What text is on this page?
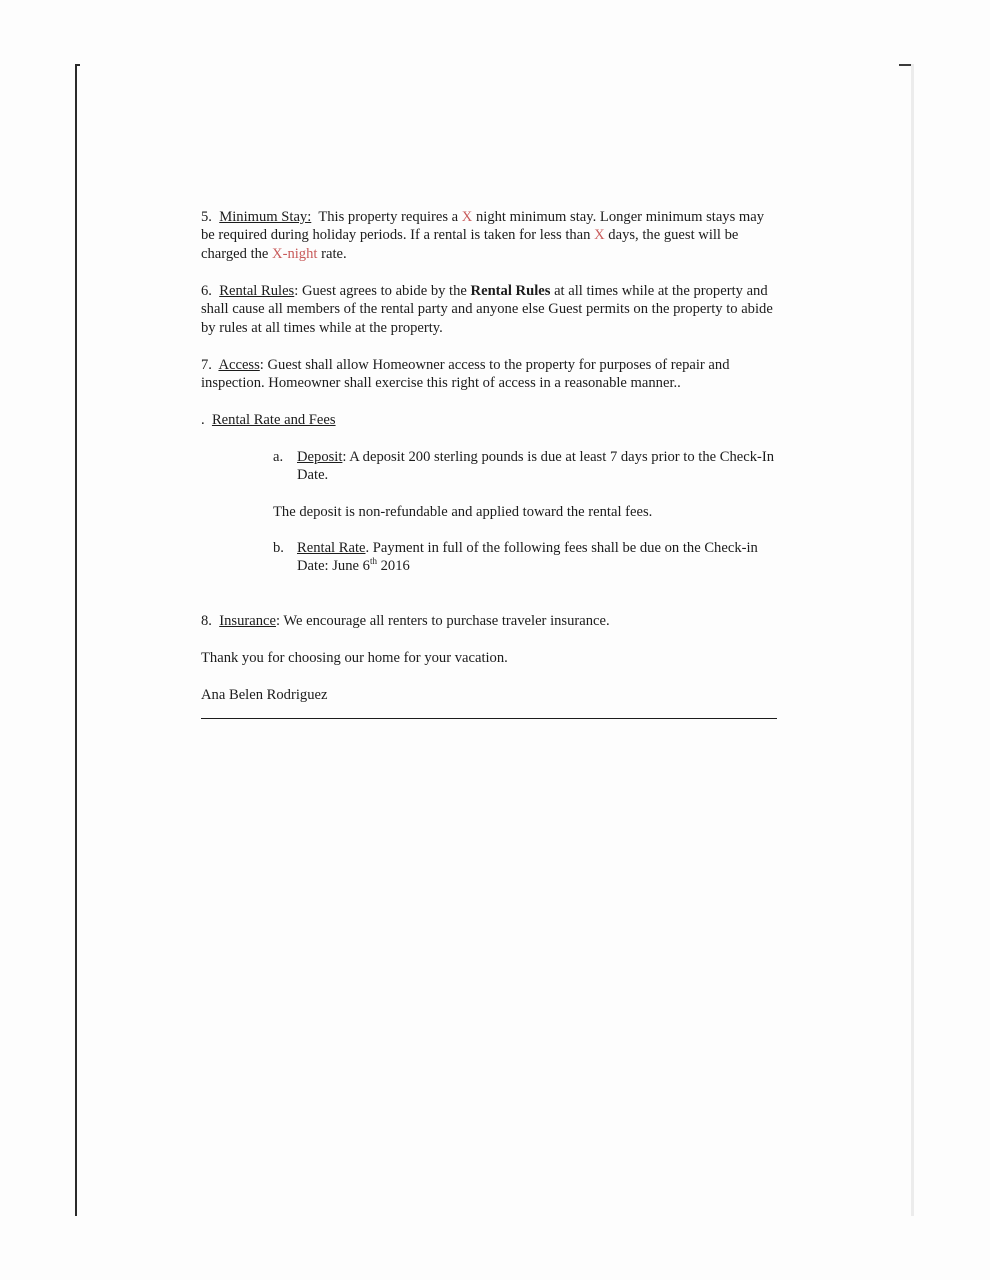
5. Minimum Stay: This property requires a X night minimum stay. Longer minimum stays may be required during holiday periods. If a rental is taken for less than X days, the guest will be charged the X-night rate.

6. Rental Rules: Guest agrees to abide by the Rental Rules at all times while at the property and shall cause all members of the rental party and anyone else Guest permits on the property to abide by rules at all times while at the property.

7. Access: Guest shall allow Homeowner access to the property for purposes of repair and inspection. Homeowner shall exercise this right of access in a reasonable manner..

. Rental Rate and Fees

a. Deposit: A deposit 200 sterling pounds is due at least 7 days prior to the Check-In Date.

The deposit is non-refundable and applied toward the rental fees.

b. Rental Rate. Payment in full of the following fees shall be due on the Check-in Date: June 6th 2016

8. Insurance: We encourage all renters to purchase traveler insurance.

Thank you for choosing our home for your vacation.

Ana Belen Rodriguez
